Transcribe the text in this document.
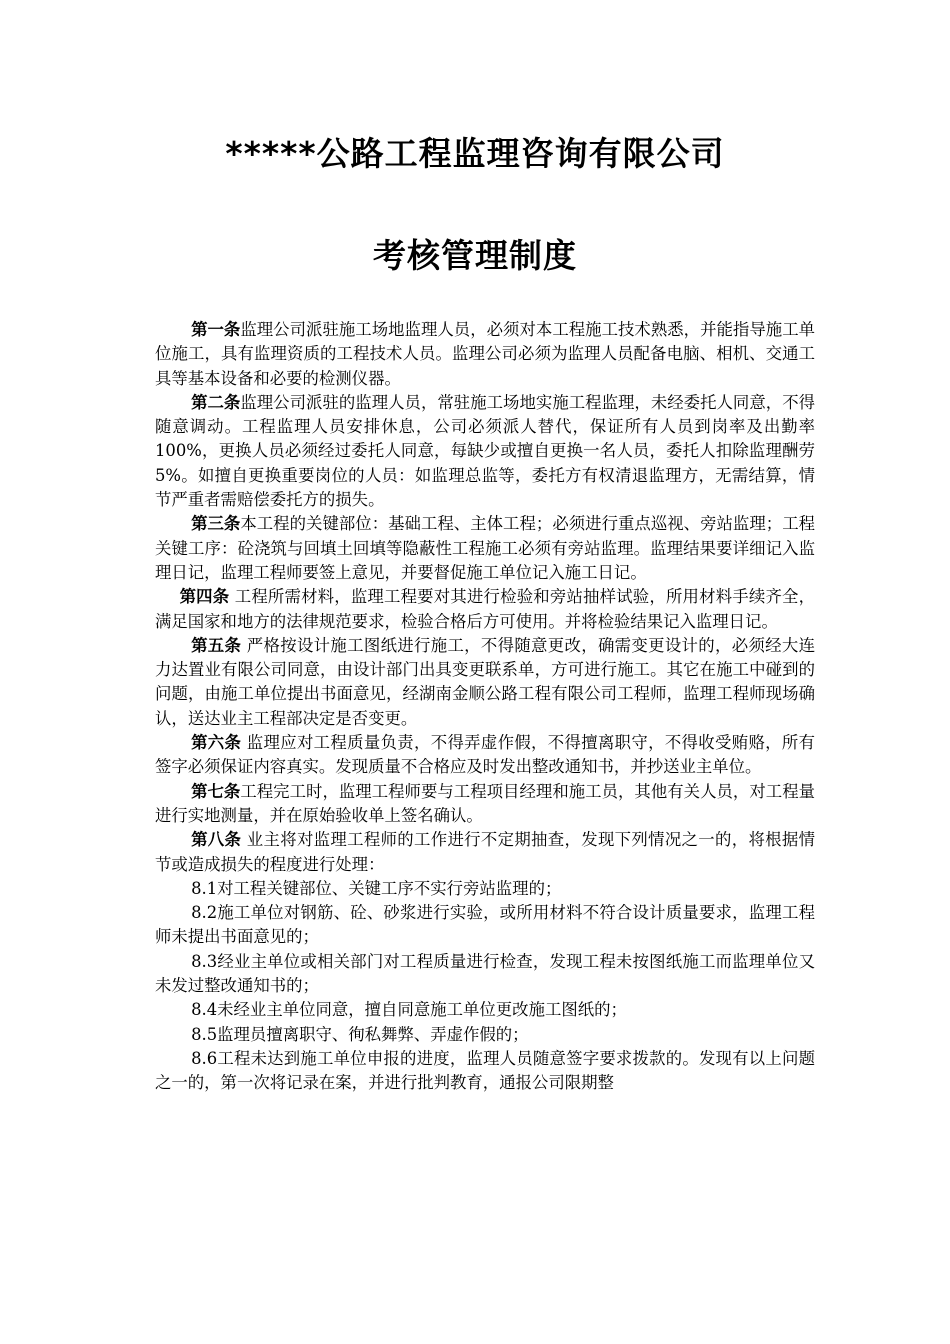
*****公路工程监理咨询有限公司
考核管理制度

第一条监理公司派驻施工场地监理人员，必须对本工程施工技术熟悉，并能指导施工单位施工，具有监理资质的工程技术人员。监理公司必须为监理人员配备电脑、相机、交通工具等基本设备和必要的检测仪器。

第二条监理公司派驻的监理人员，常驻施工场地实施工程监理，未经委托人同意，不得随意调动。工程监理人员安排休息，公司必须派人替代，保证所有人员到岗率及出勤率100%，更换人员必须经过委托人同意，每缺少或擅自更换一名人员，委托人扣除监理酬劳5%。如擅自更换重要岗位的人员：如监理总监等，委托方有权清退监理方，无需结算，情节严重者需赔偿委托方的损失。

第三条本工程的关键部位：基础工程、主体工程；必须进行重点巡视、旁站监理；工程关键工序：砼浇筑与回填土回填等隐蔽性工程施工必须有旁站监理。监理结果要详细记入监理日记，监理工程师要签上意见，并要督促施工单位记入施工日记。

第四条 工程所需材料，监理工程要对其进行检验和旁站抽样试验，所用材料手续齐全，满足国家和地方的法律规范要求，检验合格后方可使用。并将检验结果记入监理日记。

第五条 严格按设计施工图纸进行施工，不得随意更改，确需变更设计的，必须经大连力达置业有限公司同意，由设计部门出具变更联系单，方可进行施工。其它在施工中碰到的问题，由施工单位提出书面意见，经湖南金顺公路工程有限公司工程师，监理工程师现场确认，送达业主工程部决定是否变更。

第六条 监理应对工程质量负责，不得弄虚作假，不得擅离职守，不得收受贿赂，所有签字必须保证内容真实。发现质量不合格应及时发出整改通知书，并抄送业主单位。

第七条工程完工时，监理工程师要与工程项目经理和施工员，其他有关人员，对工程量进行实地测量，并在原始验收单上签名确认。

第八条 业主将对监理工程师的工作进行不定期抽查，发现下列情况之一的，将根据情节或造成损失的程度进行处理：

8.1对工程关键部位、关键工序不实行旁站监理的；

8.2施工单位对钢筋、砼、砂浆进行实验，或所用材料不符合设计质量要求，监理工程师未提出书面意见的；

8.3经业主单位或相关部门对工程质量进行检查，发现工程未按图纸施工而监理单位又未发过整改通知书的；

8.4未经业主单位同意，擅自同意施工单位更改施工图纸的；

8.5监理员擅离职守、徇私舞弊、弄虚作假的；

8.6工程未达到施工单位申报的进度，监理人员随意签字要求拨款的。发现有以上问题之一的，第一次将记录在案，并进行批判教育，通报公司限期整
